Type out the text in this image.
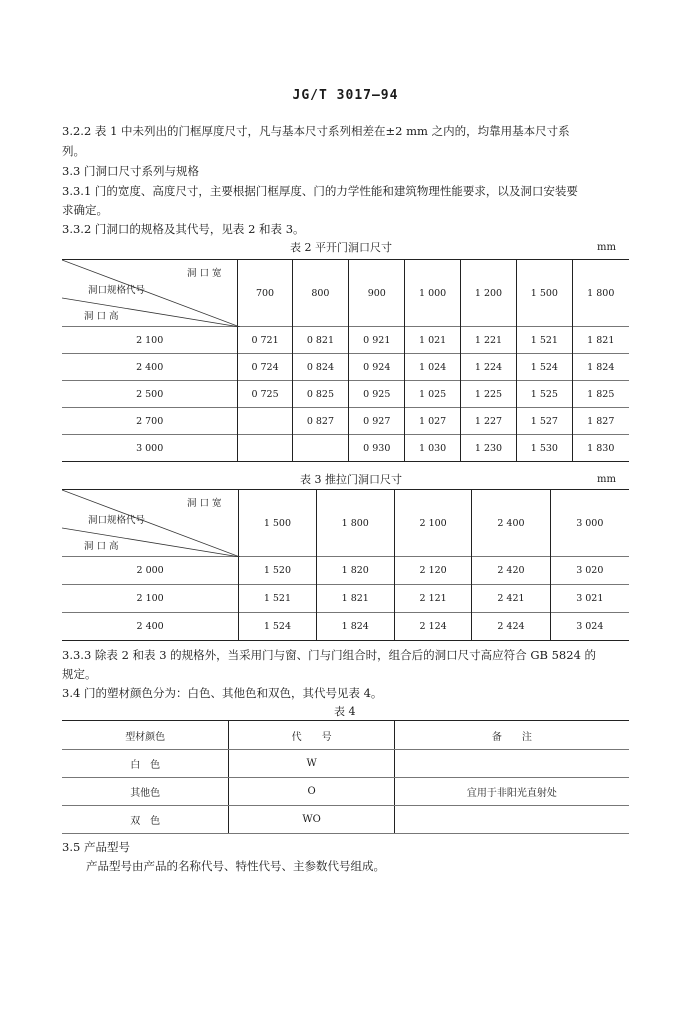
JG/T 3017—94
3.2.2 表 1 中未列出的门框厚度尺寸，凡与基本尺寸系列相差在±2 mm 之内的，均靠用基本尺寸系
列。
3.3 门洞口尺寸系列与规格
3.3.1 门的宽度、高度尺寸，主要根据门框厚度、门的力学性能和建筑物理性能要求，以及洞口安装要
求确定。
3.3.2 门洞口的规格及其代号，见表 2 和表 3。
表 2 平开门洞口尺寸	mm
洞 口 宽
洞口规格代号
洞 口 高	700	800	900	1 000	1 200	1 500	1 800
2 100	0 721	0 821	0 921	1 021	1 221	1 521	1 821
2 400	0 724	0 824	0 924	1 024	1 224	1 524	1 824
2 500	0 725	0 825	0 925	1 025	1 225	1 525	1 825
2 700		0 827	0 927	1 027	1 227	1 527	1 827
3 000			0 930	1 030	1 230	1 530	1 830
表 3 推拉门洞口尺寸	mm
洞 口 宽
洞口规格代号
洞 口 高	1 500	1 800	2 100	2 400	3 000
2 000	1 520	1 820	2 120	2 420	3 020
2 100	1 521	1 821	2 121	2 421	3 021
2 400	1 524	1 824	2 124	2 424	3 024
3.3.3 除表 2 和表 3 的规格外，当采用门与窗、门与门组合时，组合后的洞口尺寸高应符合 GB 5824 的
规定。
3.4 门的塑材颜色分为：白色、其他色和双色，其代号见表 4。
表 4
型材颜色	代　　号	备　　注
白　色	W	
其他色	O	宜用于非阳光直射处
双　色	WO	
3.5 产品型号
产品型号由产品的名称代号、特性代号、主参数代号组成。
